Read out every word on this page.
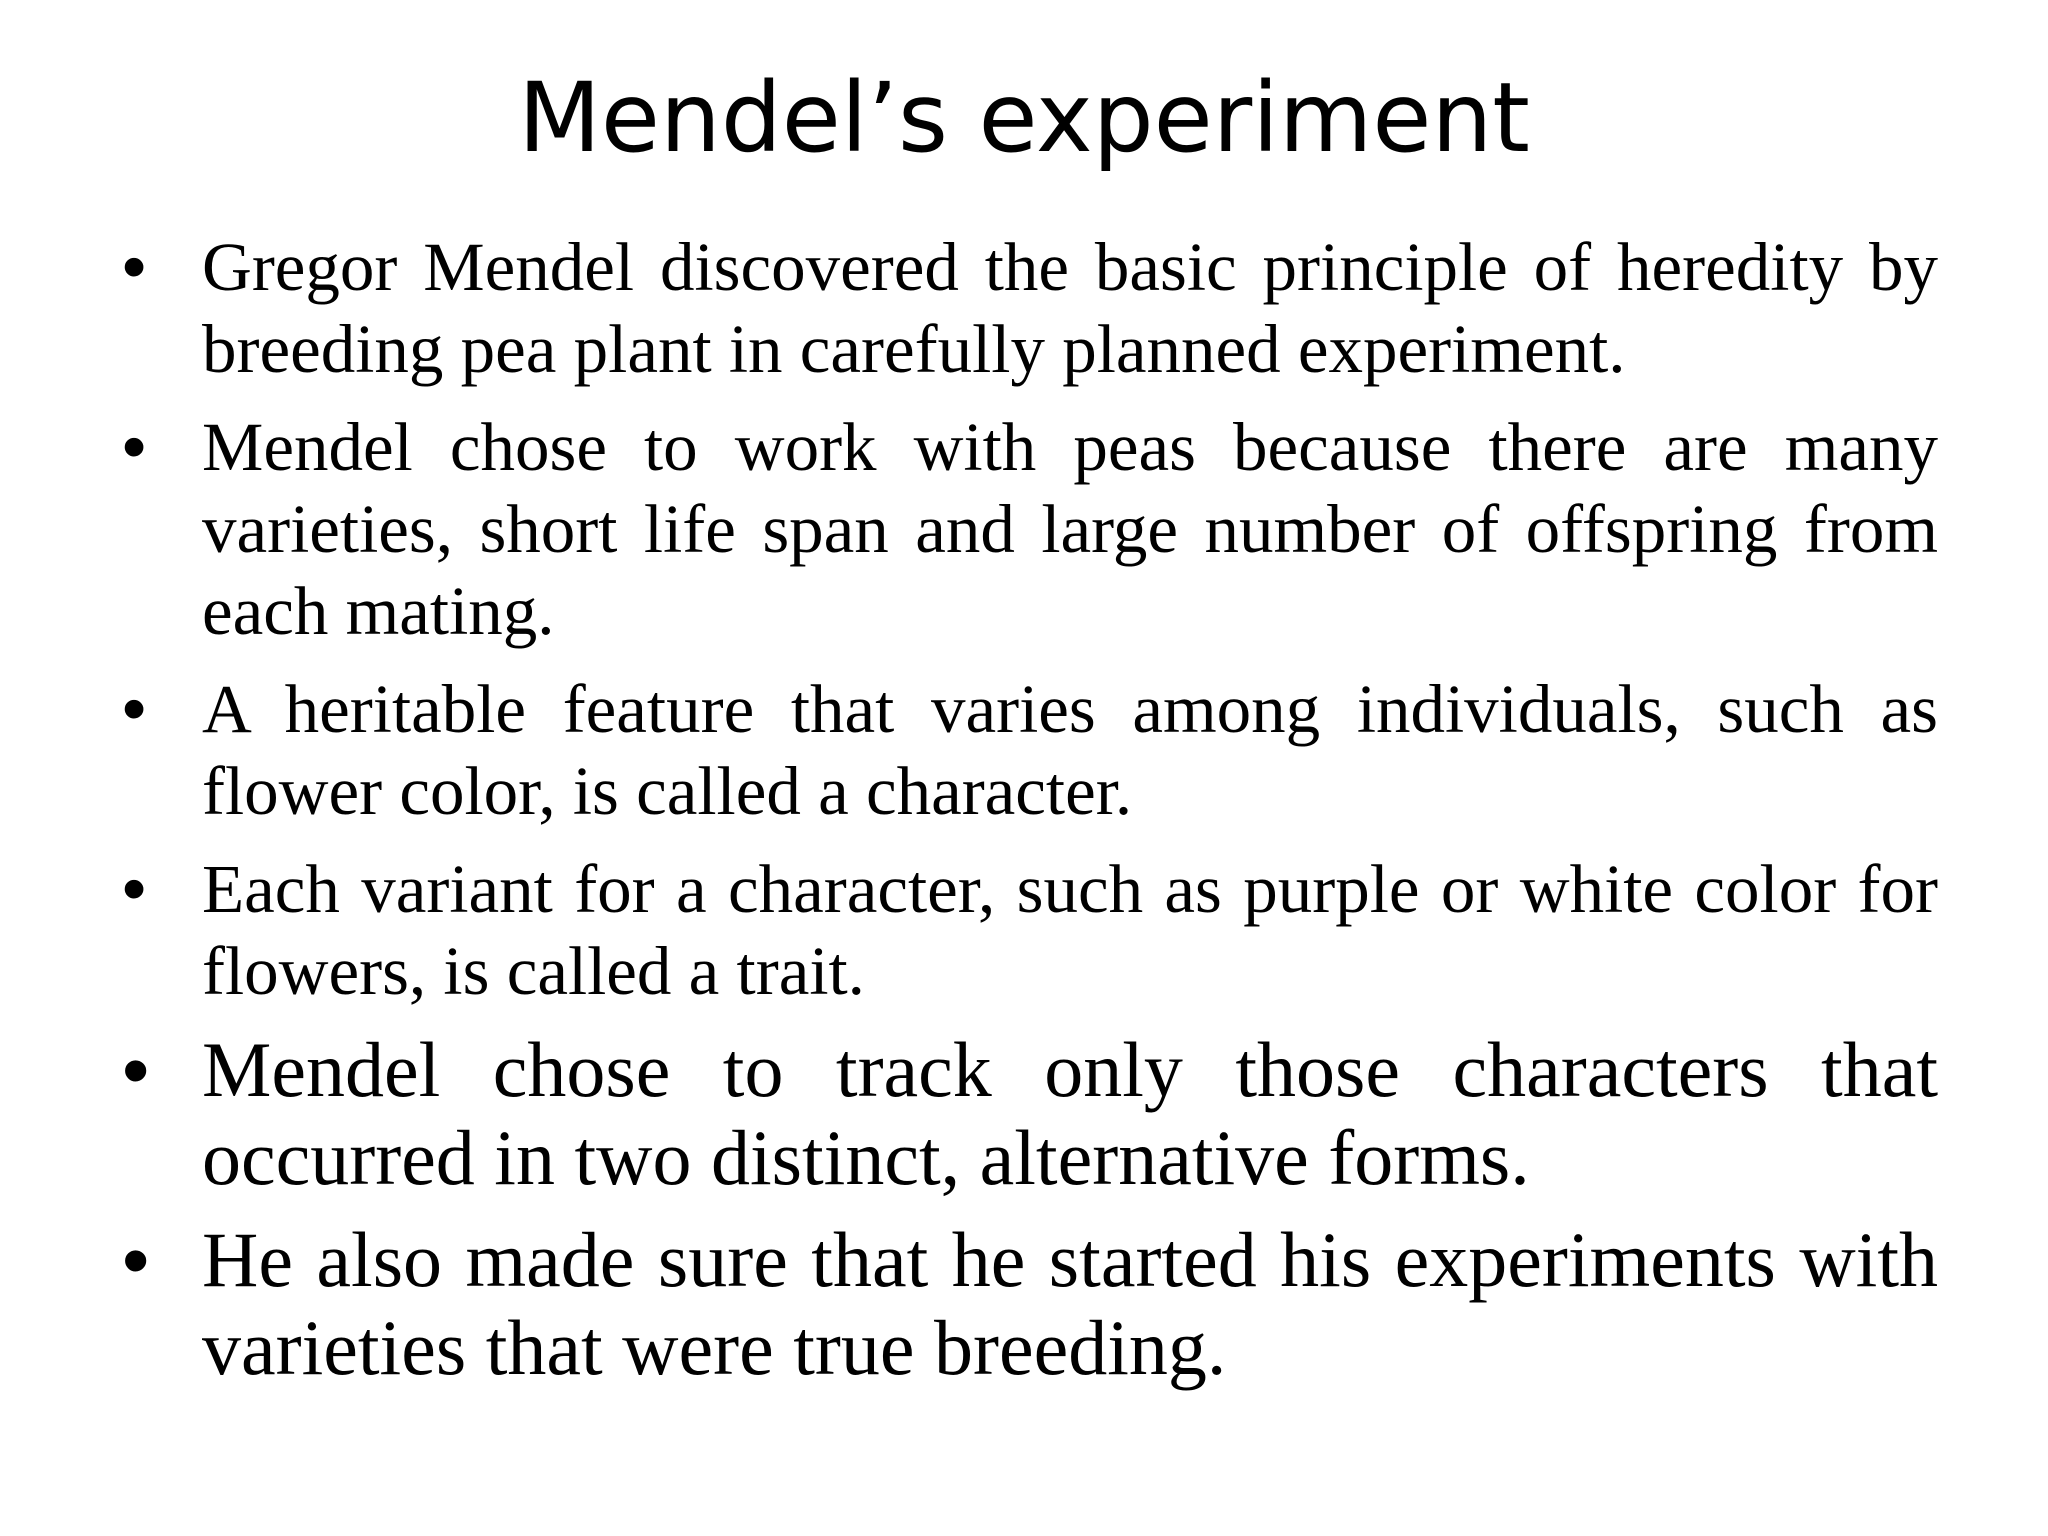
Mendel’s experiment
• Gregor Mendel discovered the basic principle of heredity by breeding pea plant in carefully planned experiment.
• Mendel chose to work with peas because there are many varieties, short life span and large number of offspring from each mating.
• A heritable feature that varies among individuals, such as flower color, is called a character.
• Each variant for a character, such as purple or white color for flowers, is called a trait.
• Mendel chose to track only those characters that occurred in two distinct, alternative forms.
• He also made sure that he started his experiments with varieties that were true breeding.
